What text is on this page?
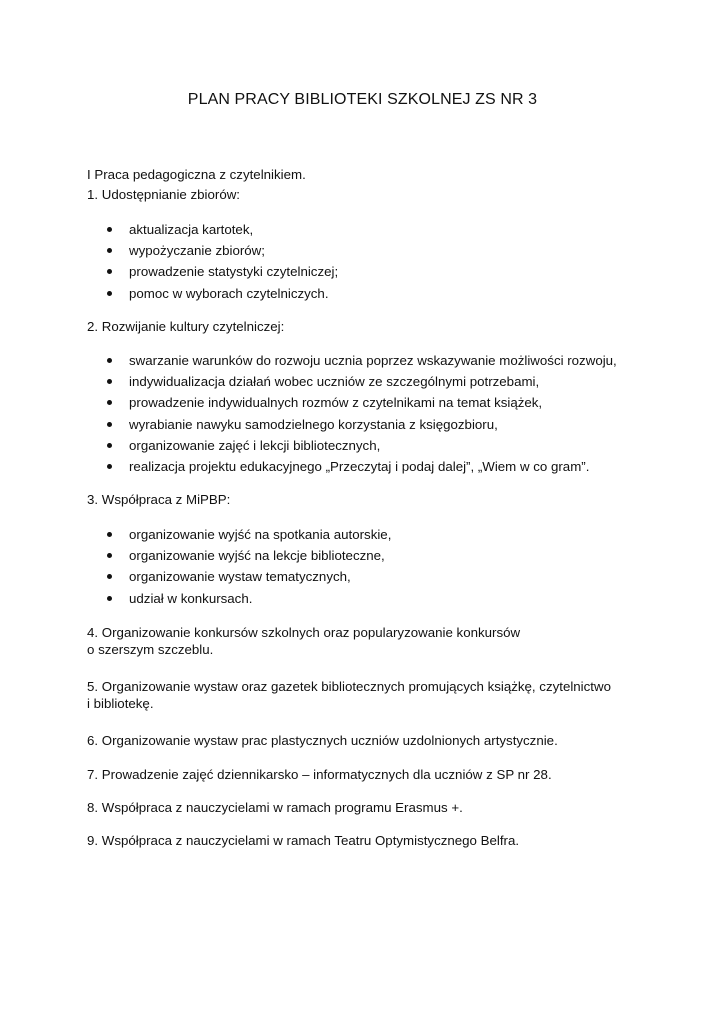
PLAN PRACY BIBLIOTEKI SZKOLNEJ ZS NR 3

I Praca pedagogiczna z czytelnikiem.

1. Udostępnianie zbiorów:

aktualizacja kartotek,
wypożyczanie zbiorów;
prowadzenie statystyki czytelniczej;
pomoc w wyborach czytelniczych.

2. Rozwijanie kultury czytelniczej:

swarzanie warunków do rozwoju ucznia poprzez wskazywanie możliwości rozwoju,
indywidualizacja działań wobec uczniów ze szczególnymi potrzebami,
prowadzenie indywidualnych rozmów z czytelnikami na temat książek,
wyrabianie nawyku samodzielnego korzystania z księgozbioru,
organizowanie zajęć i lekcji bibliotecznych,
realizacja projektu edukacyjnego „Przeczytaj i podaj dalej”, „Wiem w co gram”.

3. Współpraca z MiPBP:

organizowanie wyjść na spotkania autorskie,
organizowanie wyjść na lekcje biblioteczne,
organizowanie wystaw tematycznych,
udział w konkursach.

4. Organizowanie konkursów szkolnych oraz popularyzowanie konkursów

o szerszym szczeblu.

5. Organizowanie wystaw oraz gazetek bibliotecznych promujących książkę, czytelnictwo

i bibliotekę.

6. Organizowanie wystaw prac plastycznych uczniów uzdolnionych artystycznie.

7. Prowadzenie zajęć dziennikarsko – informatycznych dla uczniów z SP nr 28.

8. Współpraca z nauczycielami w ramach programu Erasmus +.

9. Współpraca z nauczycielami w ramach Teatru Optymistycznego Belfra.
